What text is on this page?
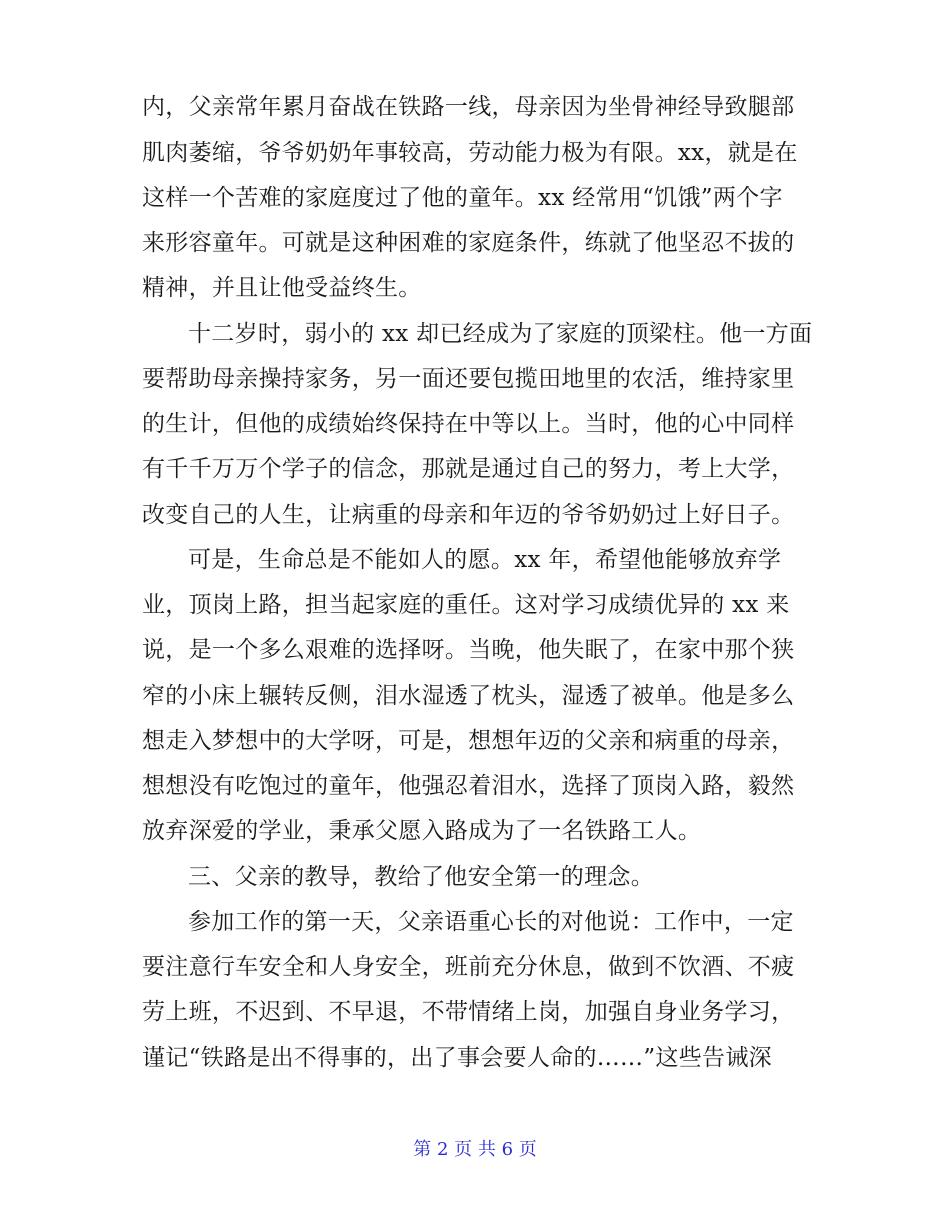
内，父亲常年累月奋战在铁路一线，母亲因为坐骨神经导致腿部
肌肉萎缩，爷爷奶奶年事较高，劳动能力极为有限。xx，就是在
这样一个苦难的家庭度过了他的童年。xx 经常用“饥饿”两个字
来形容童年。可就是这种困难的家庭条件，练就了他坚忍不拔的
精神，并且让他受益终生。
十二岁时，弱小的 xx 却已经成为了家庭的顶梁柱。他一方面
要帮助母亲操持家务，另一面还要包揽田地里的农活，维持家里
的生计，但他的成绩始终保持在中等以上。当时，他的心中同样
有千千万万个学子的信念，那就是通过自己的努力，考上大学，
改变自己的人生，让病重的母亲和年迈的爷爷奶奶过上好日子。
可是，生命总是不能如人的愿。xx 年，希望他能够放弃学
业，顶岗上路，担当起家庭的重任。这对学习成绩优异的 xx 来
说，是一个多么艰难的选择呀。当晚，他失眠了，在家中那个狭
窄的小床上辗转反侧，泪水湿透了枕头，湿透了被单。他是多么
想走入梦想中的大学呀，可是，想想年迈的父亲和病重的母亲，
想想没有吃饱过的童年，他强忍着泪水，选择了顶岗入路，毅然
放弃深爱的学业，秉承父愿入路成为了一名铁路工人。
三、父亲的教导，教给了他安全第一的理念。
参加工作的第一天，父亲语重心长的对他说：工作中，一定
要注意行车安全和人身安全，班前充分休息，做到不饮酒、不疲
劳上班，不迟到、不早退，不带情绪上岗，加强自身业务学习，
谨记“铁路是出不得事的，出了事会要人命的……”这些告诫深
第 2 页 共 6 页
